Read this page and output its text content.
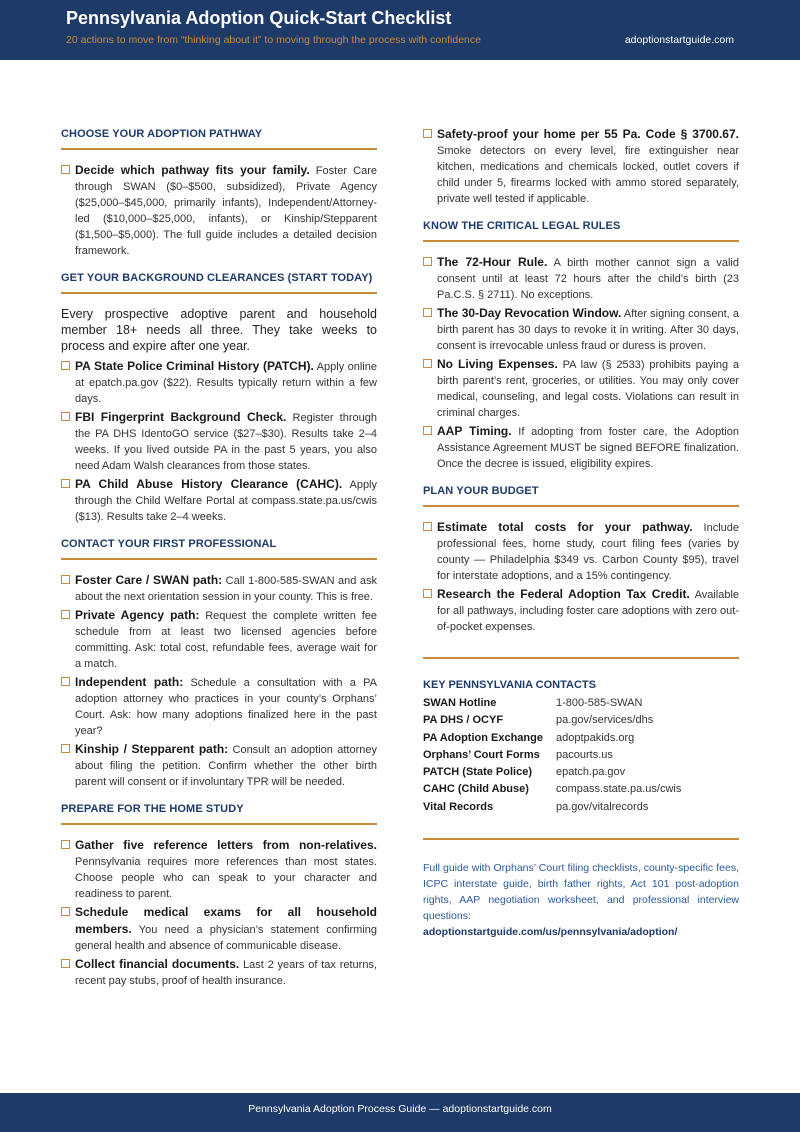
Pennsylvania Adoption Quick-Start Checklist
20 actions to move from “thinking about it” to moving through the process with confidence	adoptionstartguide.com
CHOOSE YOUR ADOPTION PATHWAY
Decide which pathway fits your family. Foster Care through SWAN ($0–$500, subsidized), Private Agency ($25,000–$45,000, primarily infants), Independent/Attorney-led ($10,000–$25,000, infants), or Kinship/Stepparent ($1,500–$5,000). The full guide includes a detailed decision framework.
GET YOUR BACKGROUND CLEARANCES (START TODAY)
Every prospective adoptive parent and household member 18+ needs all three. They take weeks to process and expire after one year.
PA State Police Criminal History (PATCH). Apply online at epatch.pa.gov ($22). Results typically return within a few days.
FBI Fingerprint Background Check. Register through the PA DHS IdentoGO service ($27–$30). Results take 2–4 weeks. If you lived outside PA in the past 5 years, you also need Adam Walsh clearances from those states.
PA Child Abuse History Clearance (CAHC). Apply through the Child Welfare Portal at compass.state.pa.us/cwis ($13). Results take 2–4 weeks.
CONTACT YOUR FIRST PROFESSIONAL
Foster Care / SWAN path: Call 1-800-585-SWAN and ask about the next orientation session in your county. This is free.
Private Agency path: Request the complete written fee schedule from at least two licensed agencies before committing. Ask: total cost, refundable fees, average wait for a match.
Independent path: Schedule a consultation with a PA adoption attorney who practices in your county’s Orphans’ Court. Ask: how many adoptions finalized here in the past year?
Kinship / Stepparent path: Consult an adoption attorney about filing the petition. Confirm whether the other birth parent will consent or if involuntary TPR will be needed.
PREPARE FOR THE HOME STUDY
Gather five reference letters from non-relatives. Pennsylvania requires more references than most states. Choose people who can speak to your character and readiness to parent.
Schedule medical exams for all household members. You need a physician’s statement confirming general health and absence of communicable disease.
Collect financial documents. Last 2 years of tax returns, recent pay stubs, proof of health insurance.
Safety-proof your home per 55 Pa. Code § 3700.67. Smoke detectors on every level, fire extinguisher near kitchen, medications and chemicals locked, outlet covers if child under 5, firearms locked with ammo stored separately, private well tested if applicable.
KNOW THE CRITICAL LEGAL RULES
The 72-Hour Rule. A birth mother cannot sign a valid consent until at least 72 hours after the child’s birth (23 Pa.C.S. § 2711). No exceptions.
The 30-Day Revocation Window. After signing consent, a birth parent has 30 days to revoke it in writing. After 30 days, consent is irrevocable unless fraud or duress is proven.
No Living Expenses. PA law (§ 2533) prohibits paying a birth parent’s rent, groceries, or utilities. You may only cover medical, counseling, and legal costs. Violations can result in criminal charges.
AAP Timing. If adopting from foster care, the Adoption Assistance Agreement MUST be signed BEFORE finalization. Once the decree is issued, eligibility expires.
PLAN YOUR BUDGET
Estimate total costs for your pathway. Include professional fees, home study, court filing fees (varies by county — Philadelphia $349 vs. Carbon County $95), travel for interstate adoptions, and a 15% contingency.
Research the Federal Adoption Tax Credit. Available for all pathways, including foster care adoptions with zero out-of-pocket expenses.
KEY PENNSYLVANIA CONTACTS
SWAN Hotline	1-800-585-SWAN
PA DHS / OCYF	pa.gov/services/dhs
PA Adoption Exchange	adoptpakids.org
Orphans’ Court Forms	pacourts.us
PATCH (State Police)	epatch.pa.gov
CAHC (Child Abuse)	compass.state.pa.us/cwis
Vital Records	pa.gov/vitalrecords
Full guide with Orphans’ Court filing checklists, county-specific fees, ICPC interstate guide, birth father rights, Act 101 post-adoption rights, AAP negotiation worksheet, and professional interview questions:
adoptionstartguide.com/us/pennsylvania/adoption/
Pennsylvania Adoption Process Guide — adoptionstartguide.com
